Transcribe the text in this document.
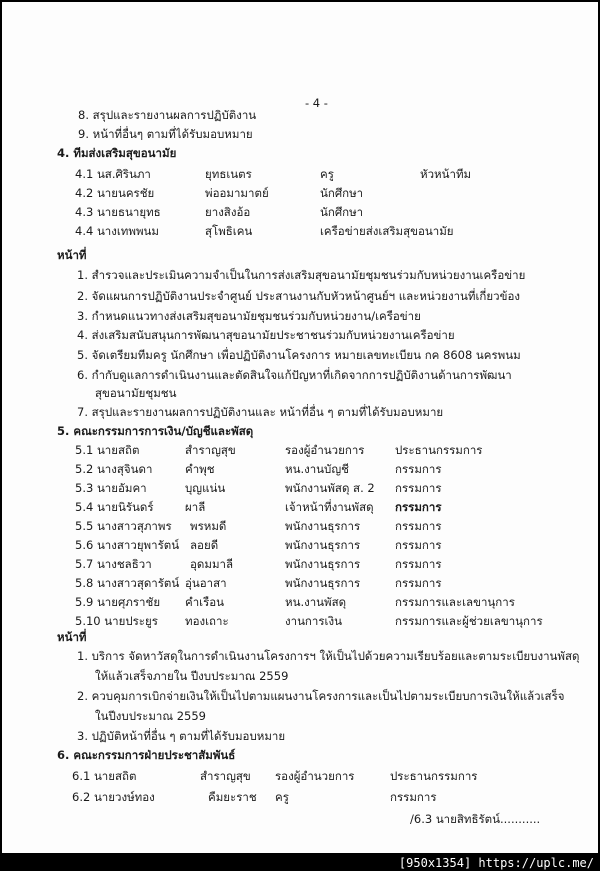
- 4 -
8. สรุปและรายงานผลการปฏิบัติงาน
9. หน้าที่อื่นๆ ตามที่ได้รับมอบหมาย
4. ทีมส่งเสริมสุขอนามัย
4.1 นส.ศิรินภา	ยุทธเนตร	ครู	หัวหน้าทีม
4.2 นายนครชัย	พ่ออมามาตย์	นักศึกษา
4.3 นายธนายุทธ	ยางสิงอ้อ	นักศึกษา
4.4 นางเทพพนม	สุโพธิเคน	เครือข่ายส่งเสริมสุขอนามัย
หน้าที่
1. สำรวจและประเมินความจำเป็นในการส่งเสริมสุขอนามัยชุมชนร่วมกับหน่วยงานเครือข่าย
2. จัดแผนการปฏิบัติงานประจำศูนย์ ประสานงานกับหัวหน้าศูนย์ฯ และหน่วยงานที่เกี่ยวข้อง
3. กำหนดแนวทางส่งเสริมสุขอนามัยชุมชนร่วมกับหน่วยงาน/เครือข่าย
4. ส่งเสริมสนับสนุนการพัฒนาสุขอนามัยประชาชนร่วมกับหน่วยงานเครือข่าย
5. จัดเตรียมทีมครู นักศึกษา เพื่อปฏิบัติงานโครงการ หมายเลขทะเบียน กค 8608 นครพนม
6. กำกับดูแลการดำเนินงานและตัดสินใจแก้ปัญหาที่เกิดจากการปฏิบัติงานด้านการพัฒนา
สุขอนามัยชุมชน
7. สรุปและรายงานผลการปฏิบัติงานและ หน้าที่อื่น ๆ ตามที่ได้รับมอบหมาย
5. คณะกรรมการการเงิน/บัญชีและพัสดุ
5.1 นายสถิต	สำราญสุข	รองผู้อำนวยการ	ประธานกรรมการ
5.2 นางสุจินดา	คำพุช	หน.งานบัญชี	กรรมการ
5.3 นายอัมคา	บุญแน่น	พนักงานพัสดุ ส. 2 กรรมการ
5.4 นายนิรันดร์	ผาลี	เจ้าหน้าที่งานพัสดุ กรรมการ
5.5 นางสาวสุภาพร พรหมดี	พนักงานธุรการ	กรรมการ
5.6 นางสาวยุพารัตน์ ลอยดี	พนักงานธุรการ	กรรมการ
5.7 นางชลธิวา	อุดมมาลี	พนักงานธุรการ	กรรมการ
5.8 นางสาวสุดารัตน์ อุ่นอาสา	พนักงานธุรการ	กรรมการ
5.9 นายศุภราชัย คำเรือน	หน.งานพัสดุ	กรรมการและเลขานุการ
5.10 นายประยูร ทองเถาะ	งานการเงิน	กรรมการและผู้ช่วยเลขานุการ
หน้าที่
1. บริการ จัดหาวัสดุในการดำเนินงานโครงการฯ ให้เป็นไปด้วยความเรียบร้อยและตามระเบียบงานพัสดุ
ให้แล้วเสร็จภายใน ปีงบประมาณ 2559
2. ควบคุมการเบิกจ่ายเงินให้เป็นไปตามแผนงานโครงการและเป็นไปตามระเบียบการเงินให้แล้วเสร็จ
ในปีงบประมาณ 2559
3. ปฏิบัติหน้าที่อื่น ๆ ตามที่ได้รับมอบหมาย
6. คณะกรรมการฝ่ายประชาสัมพันธ์
6.1 นายสถิต	สำราญสุข รองผู้อำนวยการ	ประธานกรรมการ
6.2 นายวงษ์ทอง	คืมยะราช ครู	กรรมการ
/6.3 นายสิทธิรัตน์...........
[950x1354] https://uplc.me/
